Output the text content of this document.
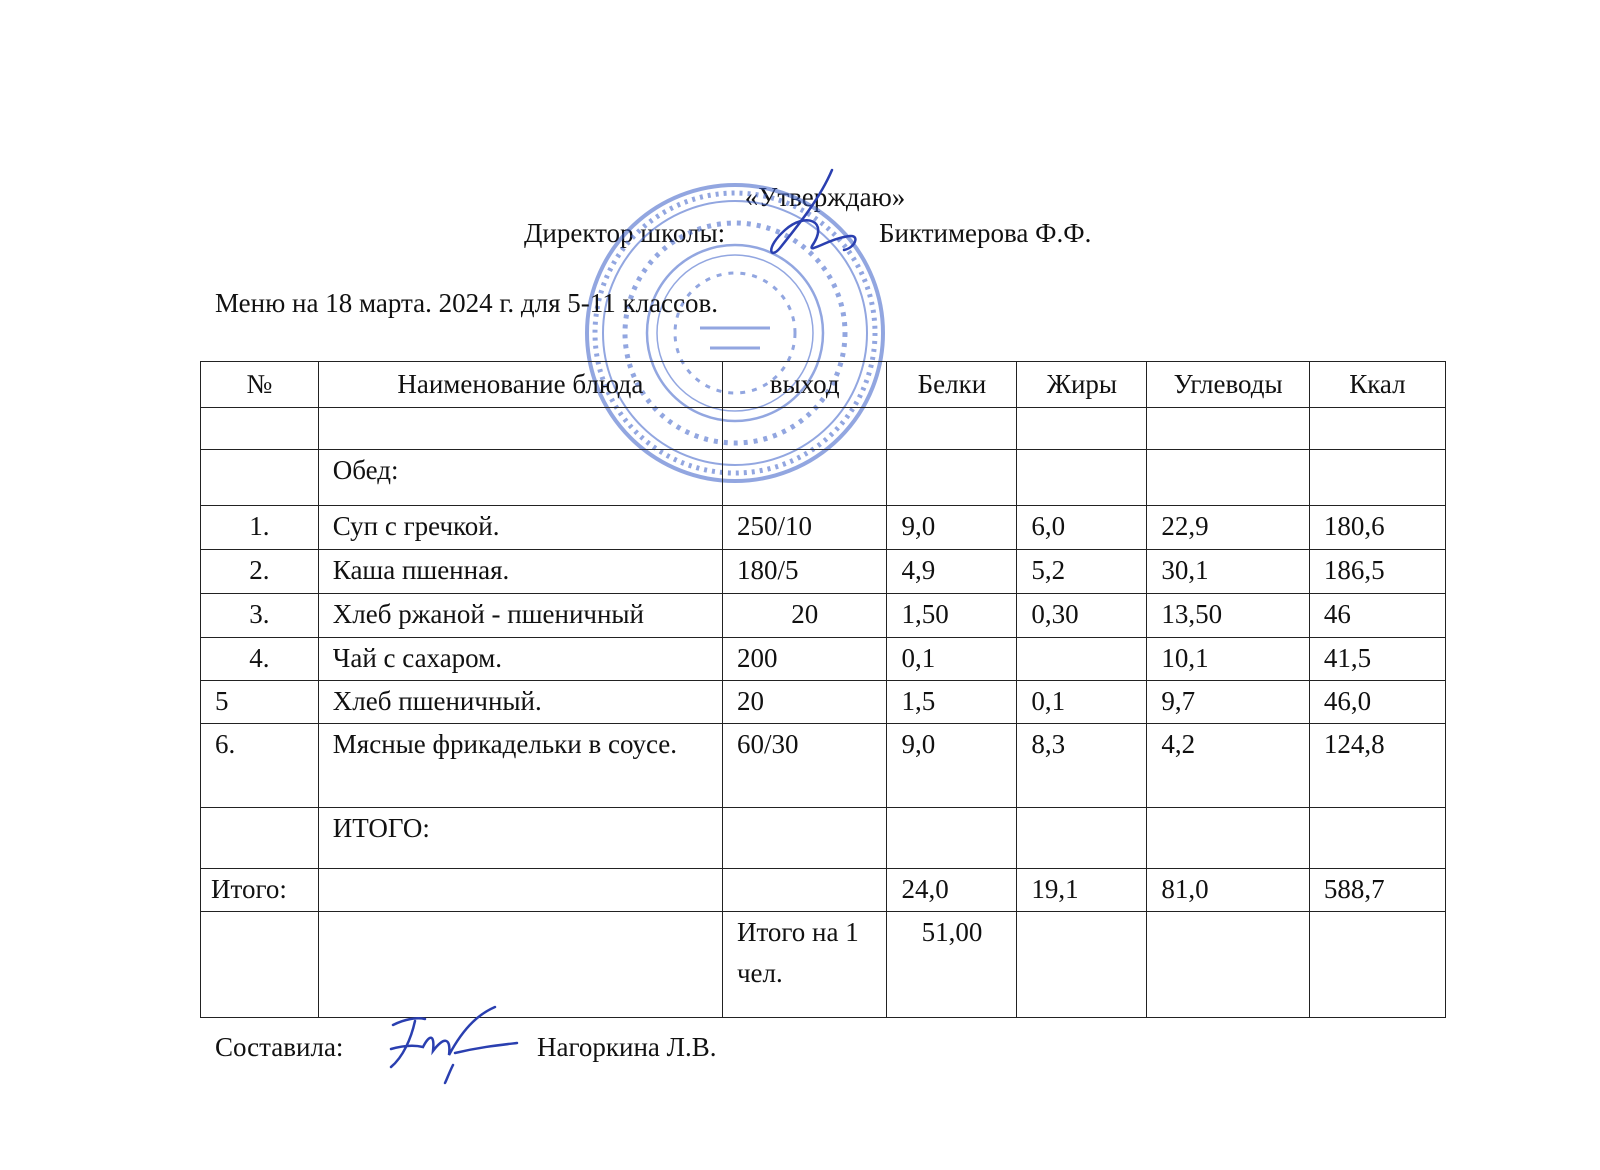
«Утверждаю»
Директор школы:	Биктимерова Ф.Ф.
Меню на 18 марта. 2024 г. для 5-11 классов.
№	Наименование блюда	выход	Белки	Жиры	Углеводы	Ккал

	Обед:					
1.	Суп с гречкой.	250/10	9,0	6,0	22,9	180,6
2.	Каша пшенная.	180/5	4,9	5,2	30,1	186,5
3.	Хлеб ржаной - пшеничный	20	1,50	0,30	13,50	46
4.	Чай с сахаром.	200	0,1		10,1	41,5
5	Хлеб пшеничный.	20	1,5	0,1	9,7	46,0
6.	Мясные фрикадельки в соусе.	60/30	9,0	8,3	4,2	124,8
	ИТОГО:					
Итого:			24,0	19,1	81,0	588,7
		Итого на 1 чел.	51,00			
Составила:	Нагоркина Л.В.
